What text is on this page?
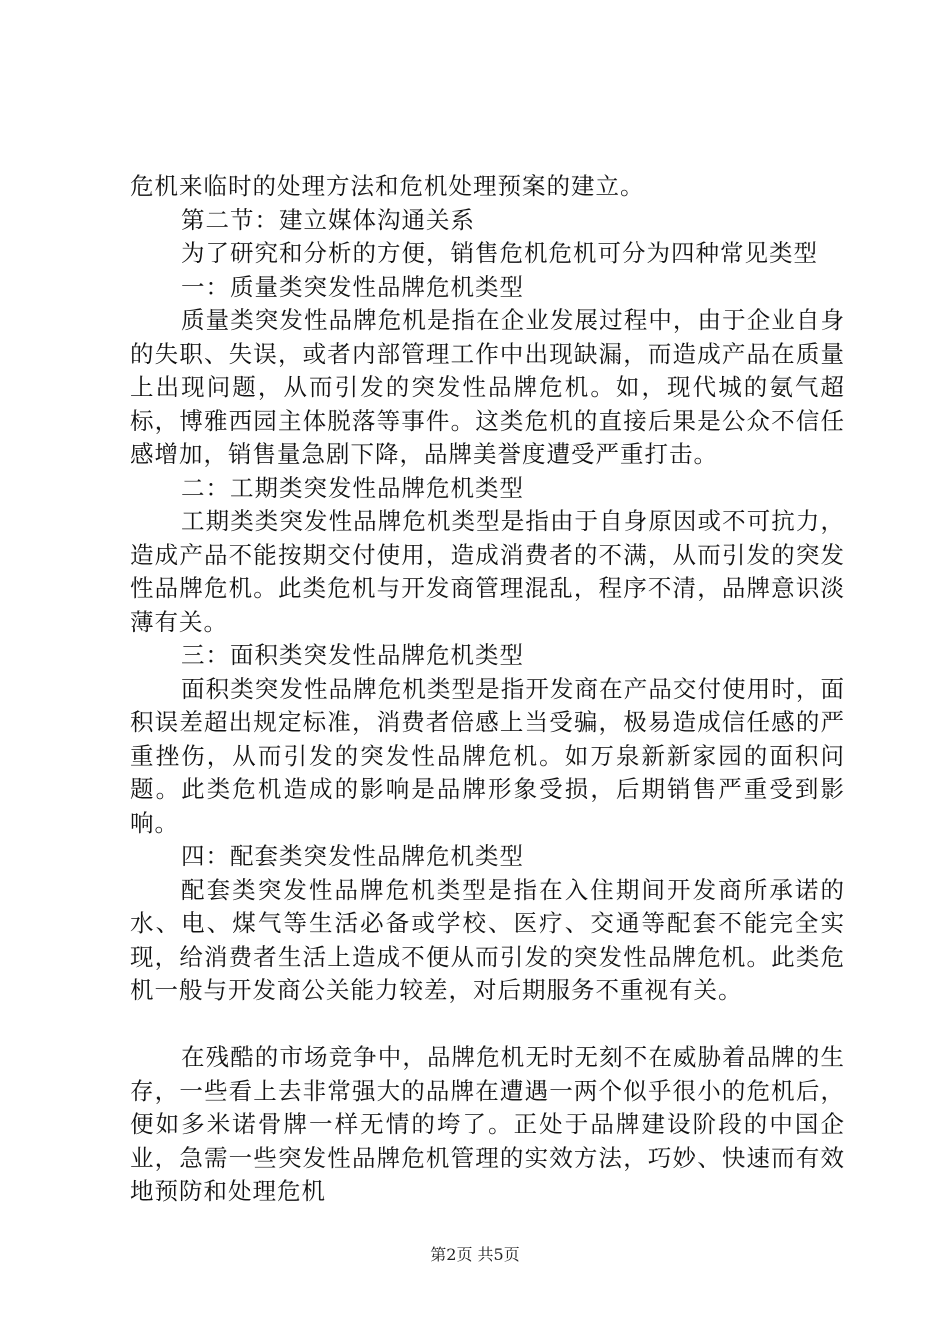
危机来临时的处理方法和危机处理预案的建立。

第二节：建立媒体沟通关系

为了研究和分析的方便，销售危机危机可分为四种常见类型

一：质量类突发性品牌危机类型

质量类突发性品牌危机是指在企业发展过程中，由于企业自身的失职、失误，或者内部管理工作中出现缺漏，而造成产品在质量上出现问题，从而引发的突发性品牌危机。如，现代城的氨气超标，博雅西园主体脱落等事件。这类危机的直接后果是公众不信任感增加，销售量急剧下降，品牌美誉度遭受严重打击。

二：工期类突发性品牌危机类型

工期类类突发性品牌危机类型是指由于自身原因或不可抗力，造成产品不能按期交付使用，造成消费者的不满，从而引发的突发性品牌危机。此类危机与开发商管理混乱，程序不清，品牌意识淡薄有关。

三：面积类突发性品牌危机类型

面积类突发性品牌危机类型是指开发商在产品交付使用时，面积误差超出规定标准，消费者倍感上当受骗，极易造成信任感的严重挫伤，从而引发的突发性品牌危机。如万泉新新家园的面积问题。此类危机造成的影响是品牌形象受损，后期销售严重受到影响。

四：配套类突发性品牌危机类型

配套类突发性品牌危机类型是指在入住期间开发商所承诺的水、电、煤气等生活必备或学校、医疗、交通等配套不能完全实现，给消费者生活上造成不便从而引发的突发性品牌危机。此类危机一般与开发商公关能力较差，对后期服务不重视有关。

在残酷的市场竞争中，品牌危机无时无刻不在威胁着品牌的生存，一些看上去非常强大的品牌在遭遇一两个似乎很小的危机后，便如多米诺骨牌一样无情的垮了。正处于品牌建设阶段的中国企业，急需一些突发性品牌危机管理的实效方法，巧妙、快速而有效地预防和处理危机

第2页 共5页
